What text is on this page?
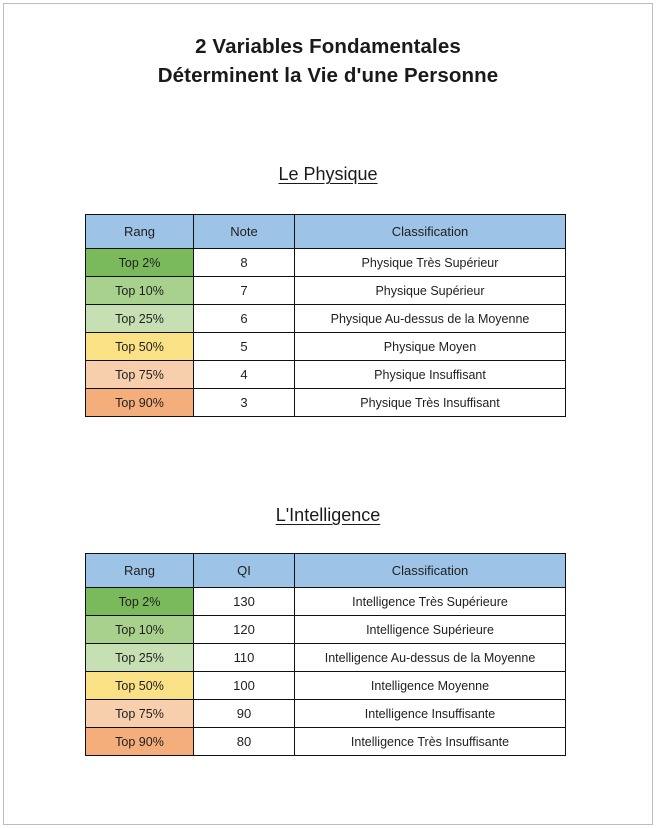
2 Variables Fondamentales
Déterminent la Vie d'une Personne
Le Physique
Rang	Note	Classification
Top 2%	8	Physique Très Supérieur
Top 10%	7	Physique Supérieur
Top 25%	6	Physique Au-dessus de la Moyenne
Top 50%	5	Physique Moyen
Top 75%	4	Physique Insuffisant
Top 90%	3	Physique Très Insuffisant
L'Intelligence
Rang	QI	Classification
Top 2%	130	Intelligence Très Supérieure
Top 10%	120	Intelligence Supérieure
Top 25%	110	Intelligence Au-dessus de la Moyenne
Top 50%	100	Intelligence Moyenne
Top 75%	90	Intelligence Insuffisante
Top 90%	80	Intelligence Très Insuffisante
